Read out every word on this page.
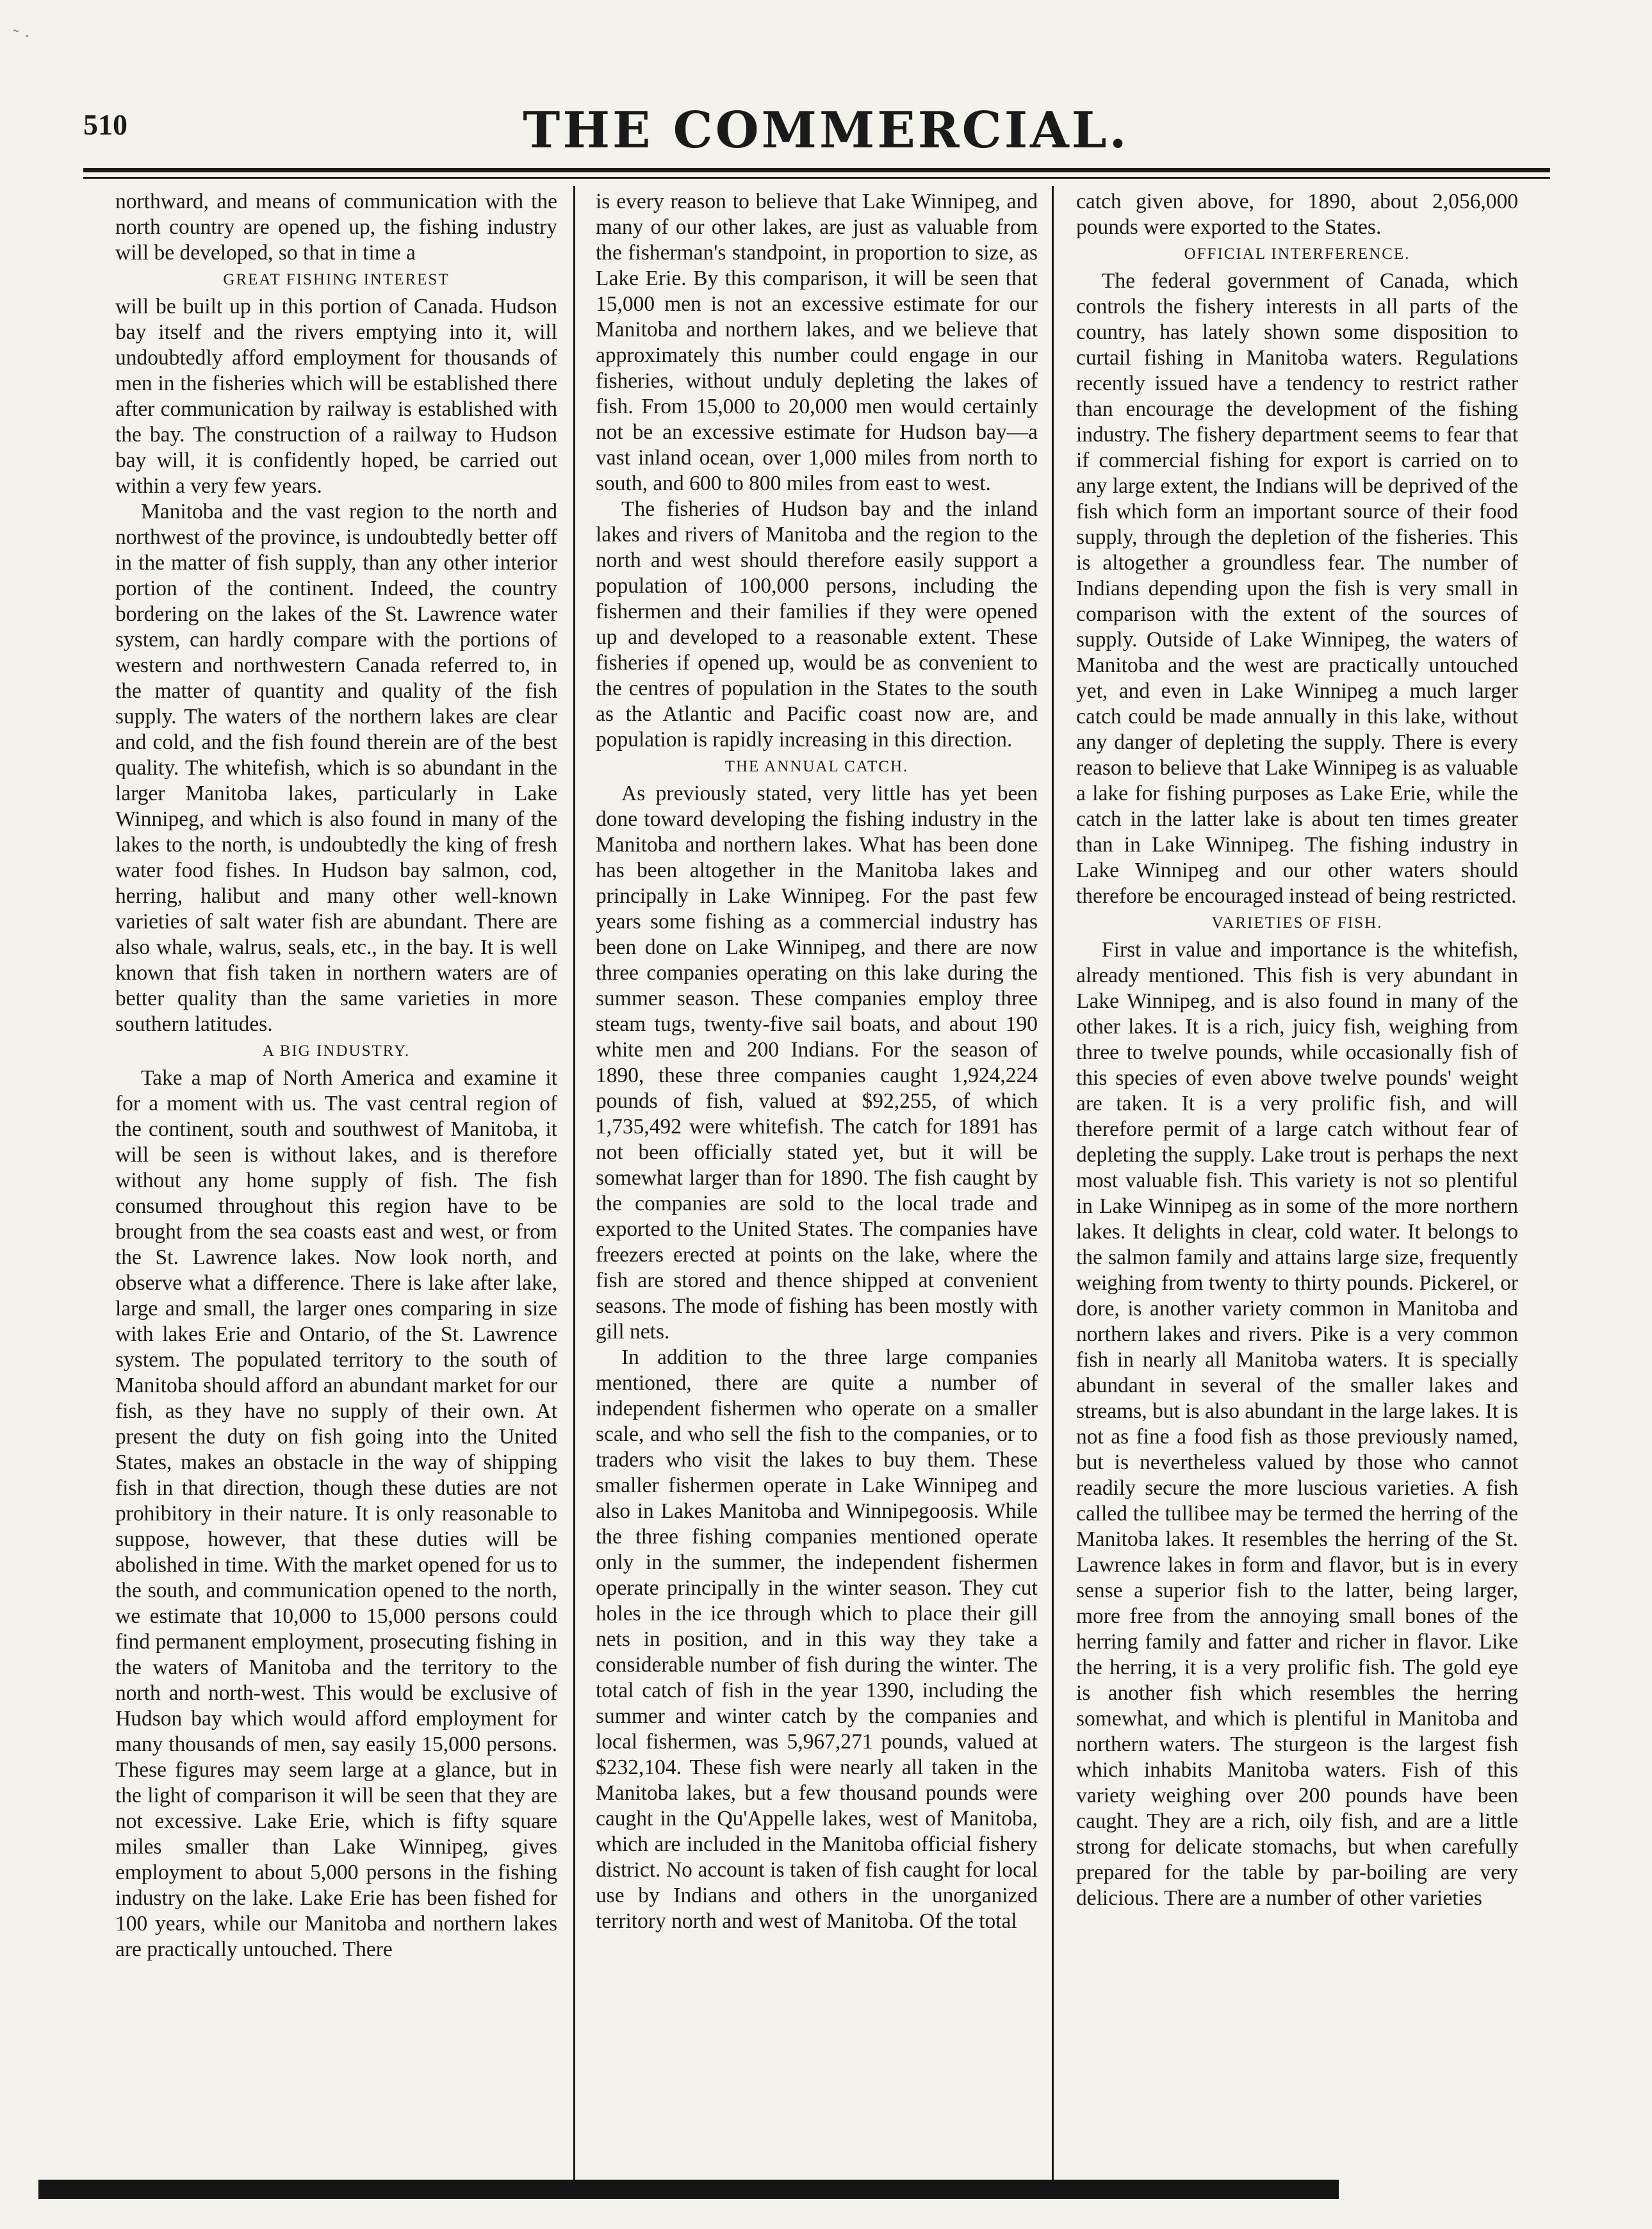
˜ ·
510	THE COMMERCIAL.

northward, and means of communication with the north country are opened up, the fishing industry will be developed, so that in time a

GREAT FISHING INTEREST

will be built up in this portion of Canada. Hudson bay itself and the rivers emptying into it, will undoubtedly afford employment for thousands of men in the fisheries which will be established there after communication by railway is established with the bay. The construction of a railway to Hudson bay will, it is confidently hoped, be carried out within a very few years.

Manitoba and the vast region to the north and northwest of the province, is undoubtedly better off in the matter of fish supply, than any other interior portion of the continent. Indeed, the country bordering on the lakes of the St. Lawrence water system, can hardly compare with the portions of western and northwestern Canada referred to, in the matter of quantity and quality of the fish supply. The waters of the northern lakes are clear and cold, and the fish found therein are of the best quality. The whitefish, which is so abundant in the larger Manitoba lakes, particularly in Lake Winnipeg, and which is also found in many of the lakes to the north, is undoubtedly the king of fresh water food fishes. In Hudson bay salmon, cod, herring, halibut and many other well-known varieties of salt water fish are abundant. There are also whale, walrus, seals, etc., in the bay. It is well known that fish taken in northern waters are of better quality than the same varieties in more southern latitudes.

A BIG INDUSTRY.

Take a map of North America and examine it for a moment with us. The vast central region of the continent, south and southwest of Manitoba, it will be seen is without lakes, and is therefore without any home supply of fish. The fish consumed throughout this region have to be brought from the sea coasts east and west, or from the St. Lawrence lakes. Now look north, and observe what a difference. There is lake after lake, large and small, the larger ones comparing in size with lakes Erie and Ontario, of the St. Lawrence system. The populated territory to the south of Manitoba should afford an abundant market for our fish, as they have no supply of their own. At present the duty on fish going into the United States, makes an obstacle in the way of shipping fish in that direction, though these duties are not prohibitory in their nature. It is only reasonable to suppose, however, that these duties will be abolished in time. With the market opened for us to the south, and communication opened to the north, we estimate that 10,000 to 15,000 persons could find permanent employment, prosecuting fishing in the waters of Manitoba and the territory to the north and north-west. This would be exclusive of Hudson bay which would afford employment for many thousands of men, say easily 15,000 persons. These figures may seem large at a glance, but in the light of comparison it will be seen that they are not excessive. Lake Erie, which is fifty square miles smaller than Lake Winnipeg, gives employment to about 5,000 persons in the fishing industry on the lake. Lake Erie has been fished for 100 years, while our Manitoba and northern lakes are practically untouched. There

is every reason to believe that Lake Winnipeg, and many of our other lakes, are just as valuable from the fisherman's standpoint, in proportion to size, as Lake Erie. By this comparison, it will be seen that 15,000 men is not an excessive estimate for our Manitoba and northern lakes, and we believe that approximately this number could engage in our fisheries, without unduly depleting the lakes of fish. From 15,000 to 20,000 men would certainly not be an excessive estimate for Hudson bay—a vast inland ocean, over 1,000 miles from north to south, and 600 to 800 miles from east to west.

The fisheries of Hudson bay and the inland lakes and rivers of Manitoba and the region to the north and west should therefore easily support a population of 100,000 persons, including the fishermen and their families if they were opened up and developed to a reasonable extent. These fisheries if opened up, would be as convenient to the centres of population in the States to the south as the Atlantic and Pacific coast now are, and population is rapidly increasing in this direction.

THE ANNUAL CATCH.

As previously stated, very little has yet been done toward developing the fishing industry in the Manitoba and northern lakes. What has been done has been altogether in the Manitoba lakes and principally in Lake Winnipeg. For the past few years some fishing as a commercial industry has been done on Lake Winnipeg, and there are now three companies operating on this lake during the summer season. These companies employ three steam tugs, twenty-five sail boats, and about 190 white men and 200 Indians. For the season of 1890, these three companies caught 1,924,224 pounds of fish, valued at $92,255, of which 1,735,492 were whitefish. The catch for 1891 has not been officially stated yet, but it will be somewhat larger than for 1890. The fish caught by the companies are sold to the local trade and exported to the United States. The companies have freezers erected at points on the lake, where the fish are stored and thence shipped at convenient seasons. The mode of fishing has been mostly with gill nets.

In addition to the three large companies mentioned, there are quite a number of independent fishermen who operate on a smaller scale, and who sell the fish to the companies, or to traders who visit the lakes to buy them. These smaller fishermen operate in Lake Winnipeg and also in Lakes Manitoba and Winnipegoosis. While the three fishing companies mentioned operate only in the summer, the independent fishermen operate principally in the winter season. They cut holes in the ice through which to place their gill nets in position, and in this way they take a considerable number of fish during the winter. The total catch of fish in the year 1390, including the summer and winter catch by the companies and local fishermen, was 5,967,271 pounds, valued at $232,104. These fish were nearly all taken in the Manitoba lakes, but a few thousand pounds were caught in the Qu'Appelle lakes, west of Manitoba, which are included in the Manitoba official fishery district. No account is taken of fish caught for local use by Indians and others in the unorganized territory north and west of Manitoba. Of the total

catch given above, for 1890, about 2,056,000 pounds were exported to the States.

OFFICIAL INTERFERENCE.

The federal government of Canada, which controls the fishery interests in all parts of the country, has lately shown some disposition to curtail fishing in Manitoba waters. Regulations recently issued have a tendency to restrict rather than encourage the development of the fishing industry. The fishery department seems to fear that if commercial fishing for export is carried on to any large extent, the Indians will be deprived of the fish which form an important source of their food supply, through the depletion of the fisheries. This is altogether a groundless fear. The number of Indians depending upon the fish is very small in comparison with the extent of the sources of supply. Outside of Lake Winnipeg, the waters of Manitoba and the west are practically untouched yet, and even in Lake Winnipeg a much larger catch could be made annually in this lake, without any danger of depleting the supply. There is every reason to believe that Lake Winnipeg is as valuable a lake for fishing purposes as Lake Erie, while the catch in the latter lake is about ten times greater than in Lake Winnipeg. The fishing industry in Lake Winnipeg and our other waters should therefore be encouraged instead of being restricted.

VARIETIES OF FISH.

First in value and importance is the whitefish, already mentioned. This fish is very abundant in Lake Winnipeg, and is also found in many of the other lakes. It is a rich, juicy fish, weighing from three to twelve pounds, while occasionally fish of this species of even above twelve pounds' weight are taken. It is a very prolific fish, and will therefore permit of a large catch without fear of depleting the supply. Lake trout is perhaps the next most valuable fish. This variety is not so plentiful in Lake Winnipeg as in some of the more northern lakes. It delights in clear, cold water. It belongs to the salmon family and attains large size, frequently weighing from twenty to thirty pounds. Pickerel, or dore, is another variety common in Manitoba and northern lakes and rivers. Pike is a very common fish in nearly all Manitoba waters. It is specially abundant in several of the smaller lakes and streams, but is also abundant in the large lakes. It is not as fine a food fish as those previously named, but is nevertheless valued by those who cannot readily secure the more luscious varieties. A fish called the tullibee may be termed the herring of the Manitoba lakes. It resembles the herring of the St. Lawrence lakes in form and flavor, but is in every sense a superior fish to the latter, being larger, more free from the annoying small bones of the herring family and fatter and richer in flavor. Like the herring, it is a very prolific fish. The gold eye is another fish which resembles the herring somewhat, and which is plentiful in Manitoba and northern waters. The sturgeon is the largest fish which inhabits Manitoba waters. Fish of this variety weighing over 200 pounds have been caught. They are a rich, oily fish, and are a little strong for delicate stomachs, but when carefully prepared for the table by par-boiling are very delicious. There are a number of other varieties
